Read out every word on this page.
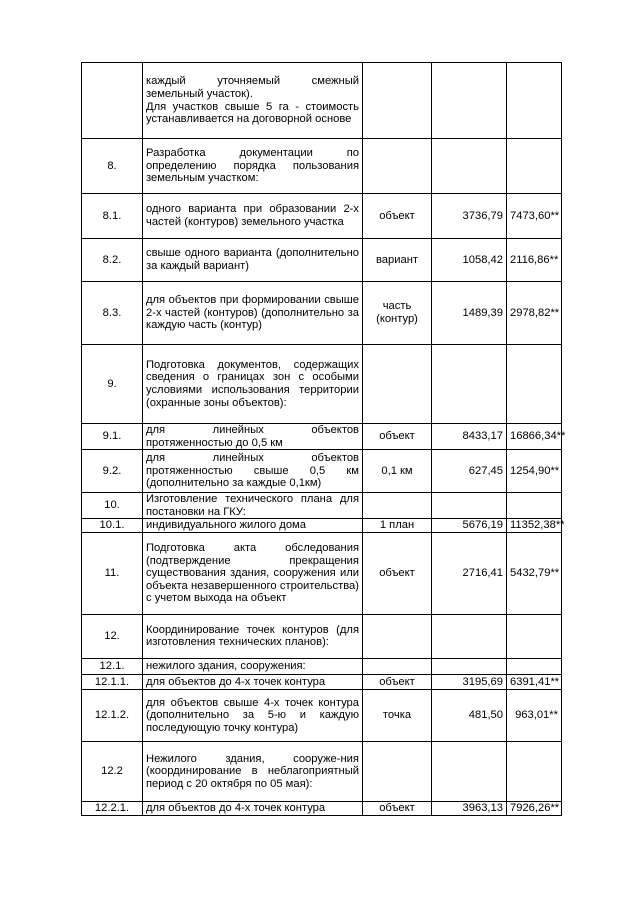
	каждый уточняемый смежный земельный участок).
Для участков свыше 5 га - стоимость устанавливается на договорной основе			

8.	Разработка документации по определению порядка пользования земельным участком:			

8.1.	одного варианта при образовании 2-х частей (контуров) земельного участка	объект	3736,79	7473,60**
8.2.	свыше одного варианта (дополнительно за каждый вариант)	вариант	1058,42	2116,86**
8.3.	для объектов при формировании свыше 2-х частей (контуров) (дополнительно за каждую часть (контур)	часть (контур)	1489,39	2978,82**
9.	Подготовка документов, содержащих сведения о границах зон с особыми условиями использования территории (охранные зоны объектов):			

9.1.	для линейных объектов протяженностью до 0,5 км	объект	8433,17	16866,34**
9.2.	для линейных объектов протяженностью свыше 0,5 км (дополнительно за каждые 0,1км)	0,1 км	627,45	1254,90**
10.	Изготовление технического плана для постановки на ГКУ:			

10.1.	индивидуального жилого дома	1 план	5676,19	11352,38**
11.	Подготовка акта обследования (подтверждение прекращения существования здания, сооружения или объекта незавершенного строительства) с учетом выхода на объект	объект	2716,41	5432,79**
12.	Координирование точек контуров (для изготовления технических планов):			

12.1.	нежилого здания, сооружения:			

12.1.1.	для объектов до 4-х точек контура	объект	3195,69	6391,41**
12.1.2.	для объектов свыше 4-х точек контура (дополнительно за 5-ю и каждую последующую точку контура)	точка	481,50	963,01**
12.2	Нежилого здания, сооруже-ния (координирование в неблагоприятный период с 20 октября по 05 мая):			

12.2.1.	для объектов до 4-х точек контура	объект	3963,13	7926,26**
